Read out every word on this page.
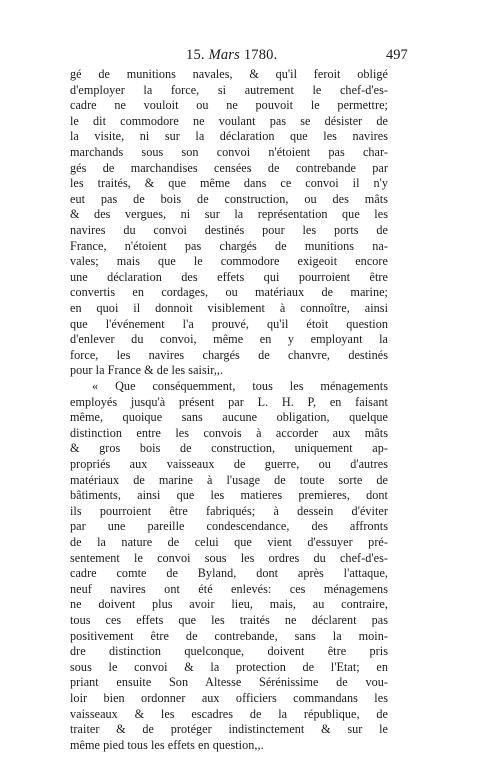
15. Mars 1780.	497
gé de munitions navales, & qu'il feroit obligé
d'employer la force, si autrement le chef-d'es-
cadre ne vouloit ou ne pouvoit le permettre;
le dit commodore ne voulant pas se désister de
la visite, ni sur la déclaration que les navires
marchands sous son convoi n'étoient pas char-
gés de marchandises censées de contrebande par
les traités, & que même dans ce convoi il n'y
eut pas de bois de construction, ou des mâts
& des vergues, ni sur la représentation que les
navires du convoi destinés pour les ports de
France, n'étoient pas chargés de munitions na-
vales; mais que le commodore exigeoit encore
une déclaration des effets qui pourroient être
convertis en cordages, ou matériaux de marine;
en quoi il donnoit visiblement à connoître, ainsi
que l'événement l'a prouvé, qu'il étoit question
d'enlever du convoi, même en y employant la
force, les navires chargés de chanvre, destinés
pour la France & de les saisir,,.
« Que conséquemment, tous les ménagements
employés jusqu'à présent par L. H. P, en faisant
même, quoique sans aucune obligation, quelque
distinction entre les convois à accorder aux mâts
& gros bois de construction, uniquement ap-
propriés aux vaisseaux de guerre, ou d'autres
matériaux de marine à l'usage de toute sorte de
bâtiments, ainsi que les matieres premieres, dont
ils pourroient être fabriqués; à dessein d'éviter
par une pareille condescendance, des affronts
de la nature de celui que vient d'essuyer pré-
sentement le convoi sous les ordres du chef-d'es-
cadre comte de Byland, dont après l'attaque,
neuf navires ont été enlevés: ces ménagemens
ne doivent plus avoir lieu, mais, au contraire,
tous ces effets que les traités ne déclarent pas
positivement être de contrebande, sans la moin-
dre distinction quelconque, doivent être pris
sous le convoi & la protection de l'Etat; en
priant ensuite Son Altesse Sérénissime de vou-
loir bien ordonner aux officiers commandans les
vaisseaux & les escadres de la république, de
traiter & de protéger indistinctement & sur le
même pied tous les effets en question,,.
